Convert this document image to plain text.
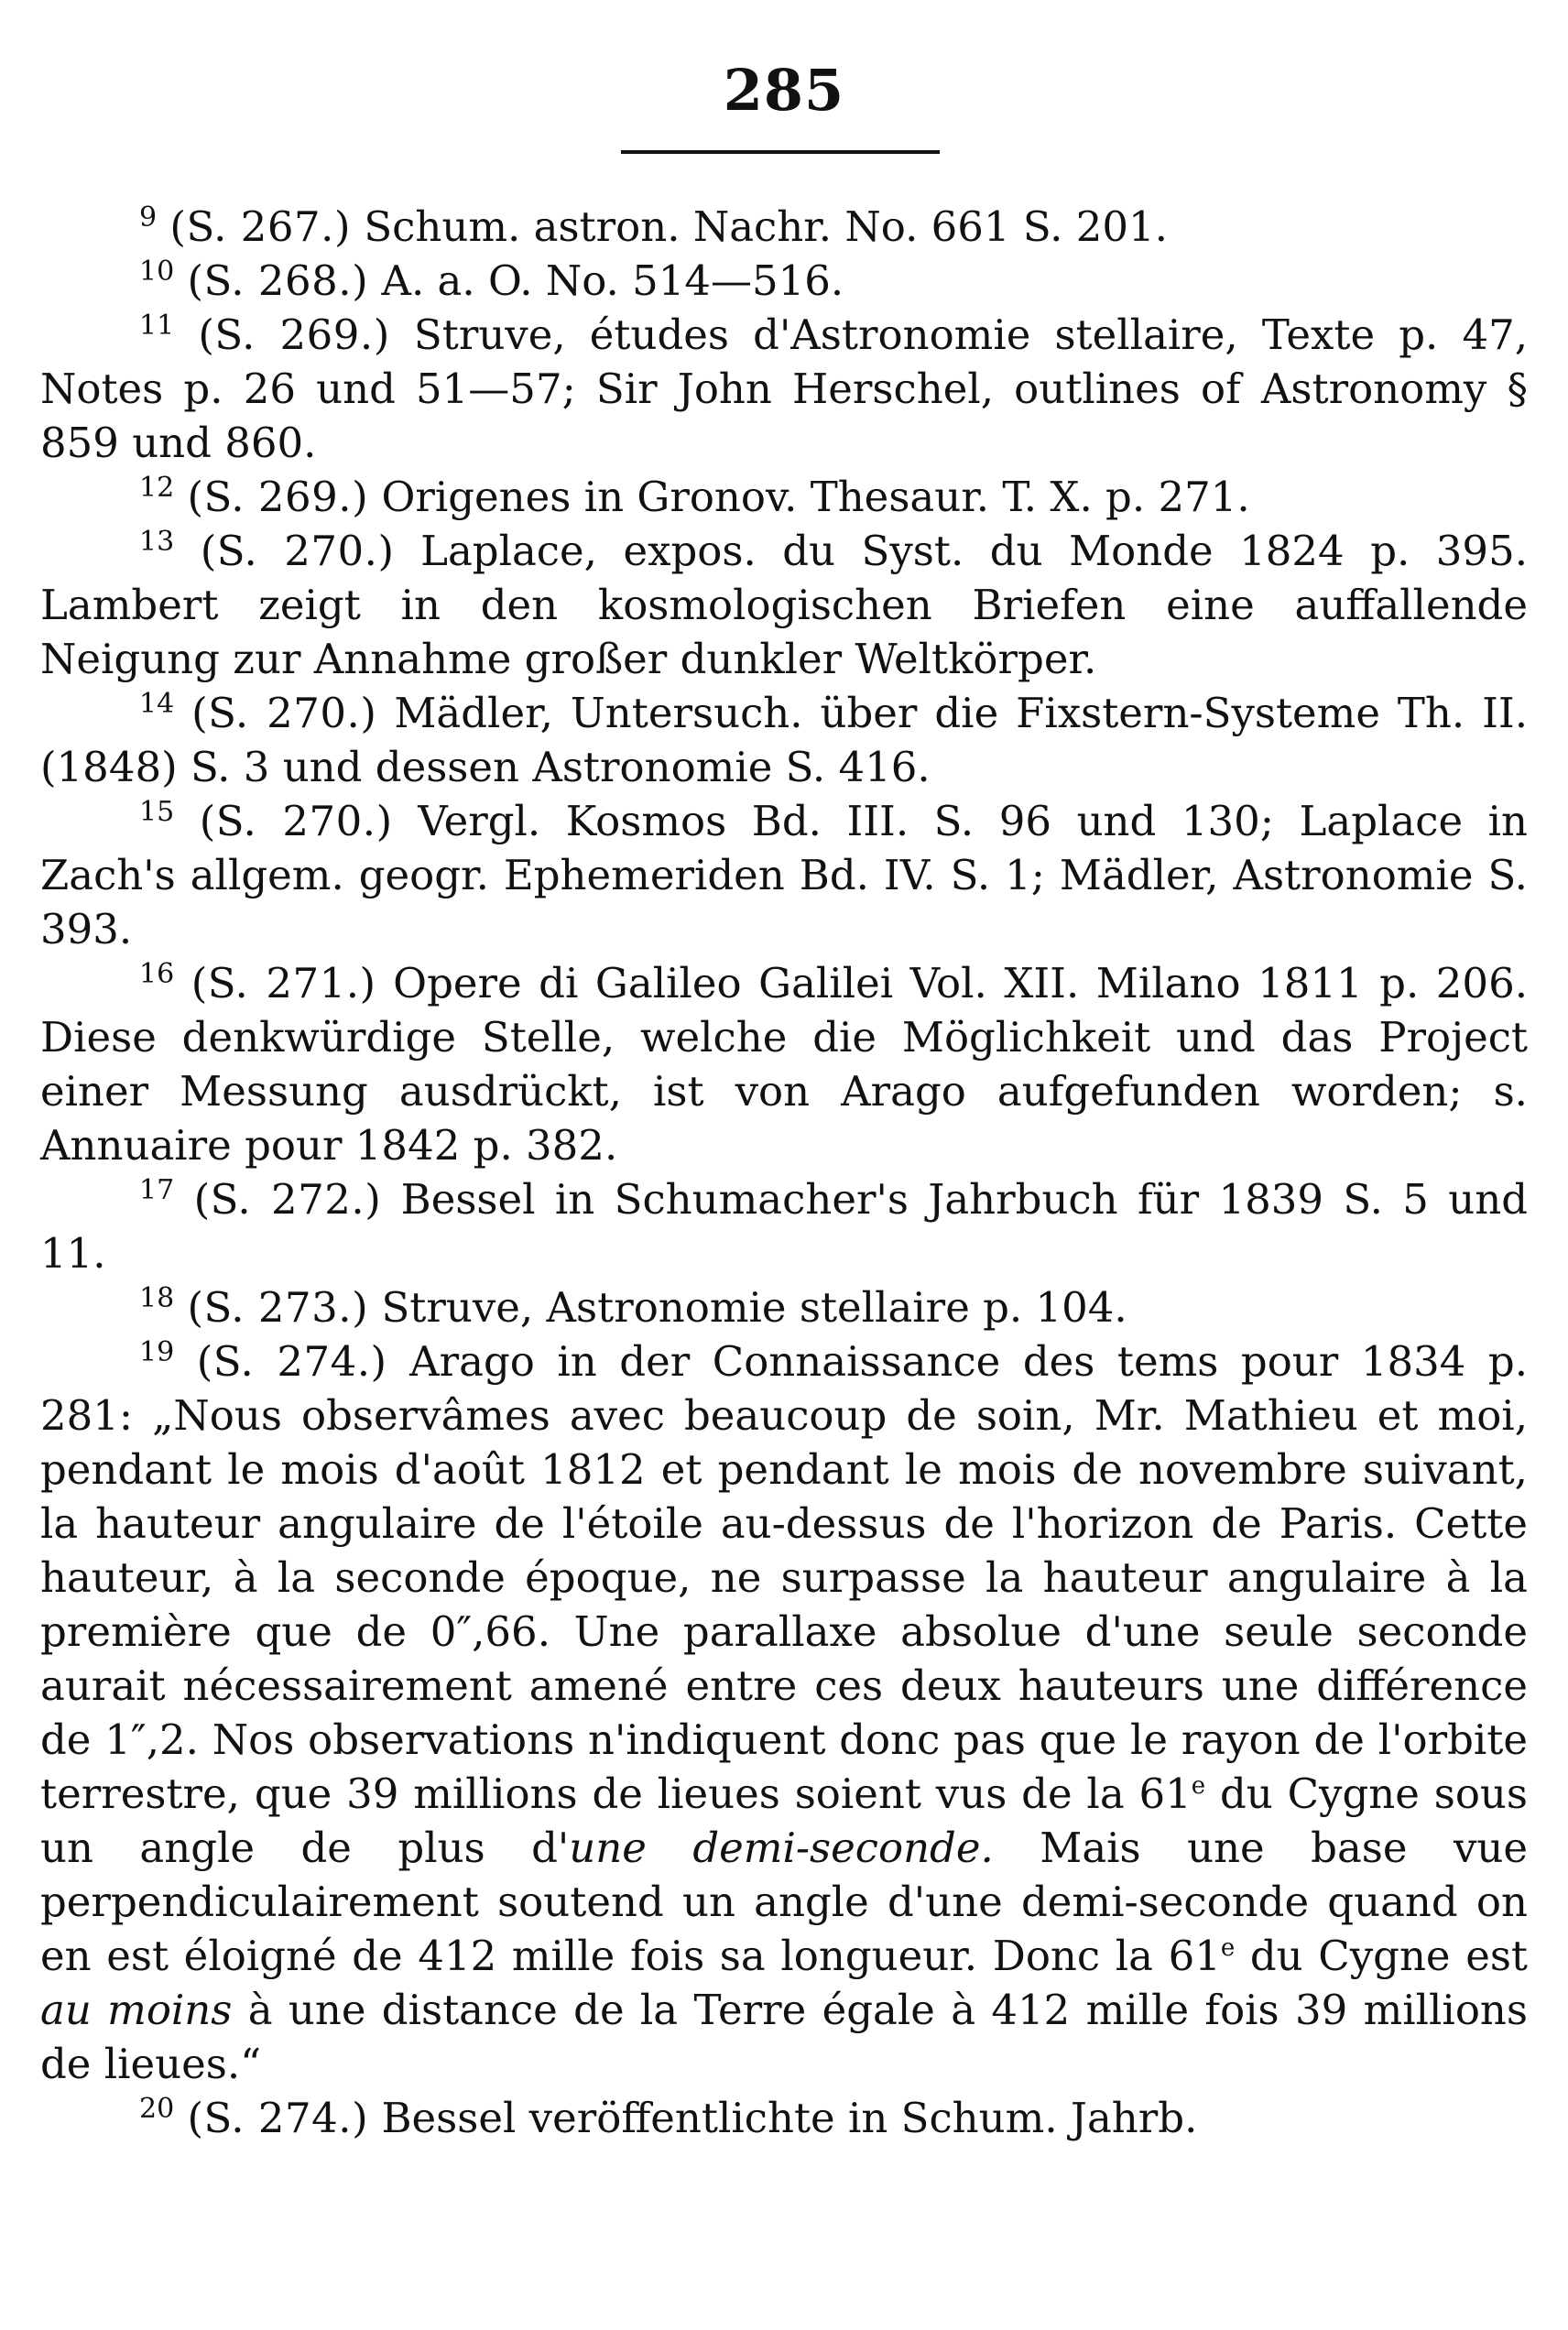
285

$^9$ (S. 267.) Schum. astron. Nachr. No. 661 S. 201.

$^{10}$ (S. 268.) A. a. O. No. 514—516.

$^{11}$ (S. 269.) Struve, études d'Astronomie stellaire, Texte p. 47, Notes p. 26 und 51—57; Sir John Herschel, outlines of Astronomy § 859 und 860.

$^{12}$ (S. 269.) Origenes in Gronov. Thesaur. T. X. p. 271.

$^{13}$ (S. 270.) Laplace, expos. du Syst. du Monde 1824 p. 395. Lambert zeigt in den kosmologischen Briefen eine auffallende Neigung zur Annahme großer dunkler Weltkörper.

$^{14}$ (S. 270.) Mädler, Untersuch. über die Fixstern-Systeme Th. II. (1848) S. 3 und dessen Astronomie S. 416.

$^{15}$ (S. 270.) Vergl. Kosmos Bd. III. S. 96 und 130; Laplace in Zach's allgem. geogr. Ephemeriden Bd. IV. S. 1; Mädler, Astronomie S. 393.

$^{16}$ (S. 271.) Opere di Galileo Galilei Vol. XII. Milano 1811 p. 206. Diese denkwürdige Stelle, welche die Möglichkeit und das Project einer Messung ausdrückt, ist von Arago aufgefunden worden; s. Annuaire pour 1842 p. 382.

$^{17}$ (S. 272.) Bessel in Schumacher's Jahrbuch für 1839 S. 5 und 11.

$^{18}$ (S. 273.) Struve, Astronomie stellaire p. 104.

$^{19}$ (S. 274.) Arago in der Connaissance des tems pour 1834 p. 281: „Nous observâmes avec beaucoup de soin, Mr. Mathieu et moi, pendant le mois d'août 1812 et pendant le mois de novembre suivant, la hauteur angulaire de l'étoile au-dessus de l'horizon de Paris. Cette hauteur, à la seconde époque, ne surpasse la hauteur angulaire à la première que de 0″,66. Une parallaxe absolue d'une seule seconde aurait nécessairement amené entre ces deux hauteurs une différence de 1″,2. Nos observations n'indiquent donc pas que le rayon de l'orbite terrestre, que 39 millions de lieues soient vus de la 61e du Cygne sous un angle de plus d'une demi-seconde. Mais une base vue perpendiculairement soutend un angle d'une demi-seconde quand on en est éloigné de 412 mille fois sa longueur. Donc la 61e du Cygne est au moins à une distance de la Terre égale à 412 mille fois 39 millions de lieues.“

$^{20}$ (S. 274.) Bessel veröffentlichte in Schum. Jahrb.
